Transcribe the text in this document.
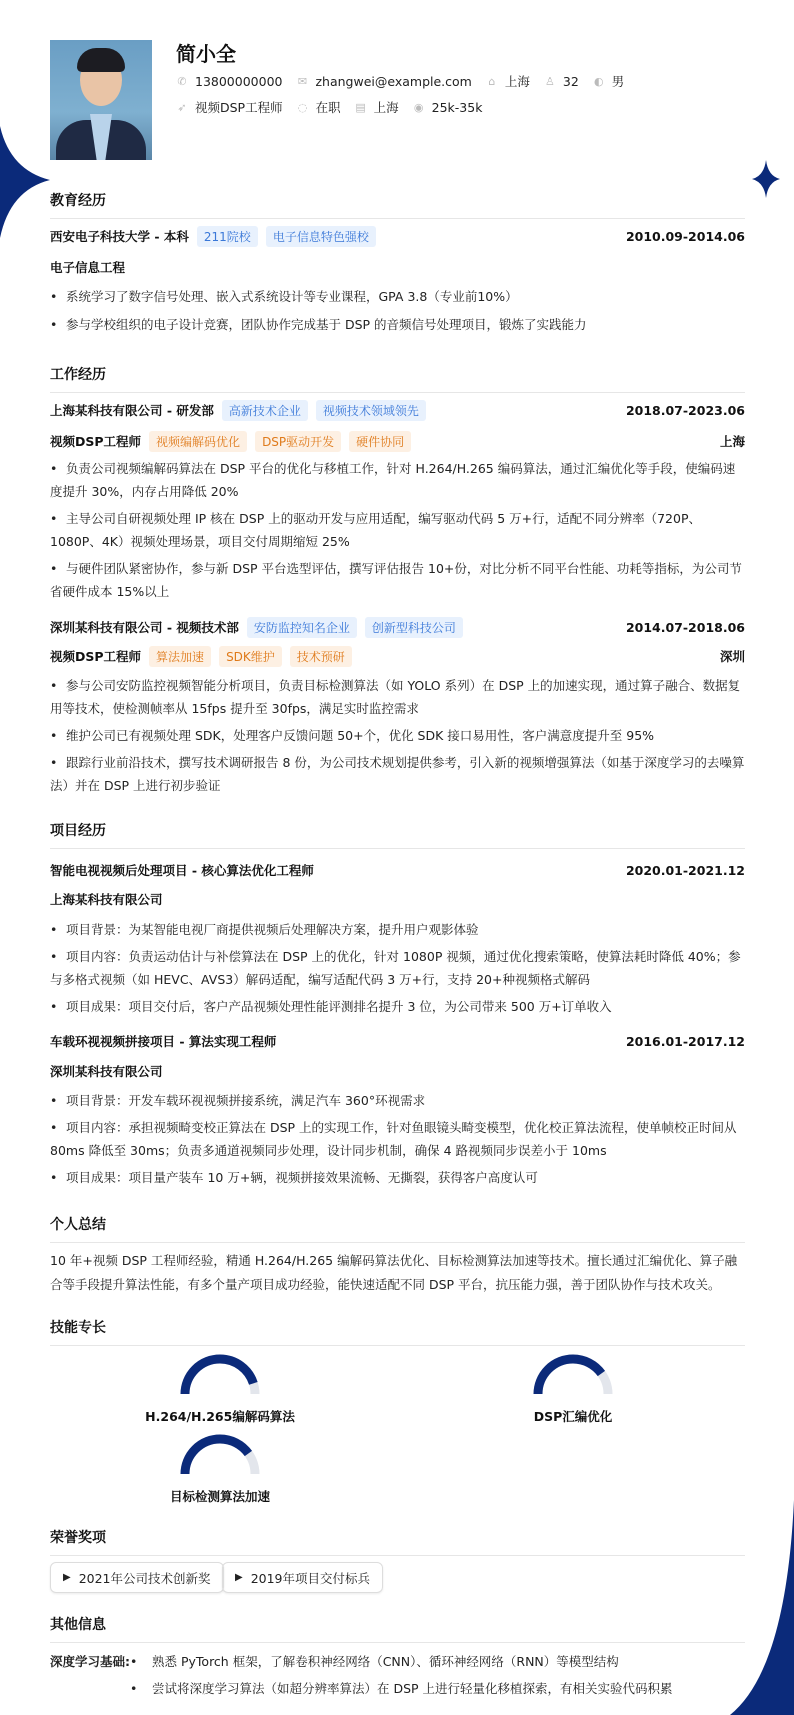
简小全
✆ 13800000000 ✉ zhangwei@example.com ⌂ 上海 ♙ 32 ◐ 男
➶ 视频DSP工程师 ◌ 在职 ▤ 上海 ◉ 25k-35k
教育经历
西安电子科技大学 - 本科	211院校	电子信息特色强校	2010.09-2014.06
电子信息工程
• 系统学习了数字信号处理、嵌入式系统设计等专业课程，GPA 3.8（专业前10%）
• 参与学校组织的电子设计竞赛，团队协作完成基于 DSP 的音频信号处理项目，锻炼了实践能力
工作经历
上海某科技有限公司 - 研发部	高新技术企业	视频技术领域领先	2018.07-2023.06
视频DSP工程师	视频编解码优化	DSP驱动开发	硬件协同	上海
• 负责公司视频编解码算法在 DSP 平台的优化与移植工作，针对 H.264/H.265 编码算法，通过汇编优化等手段，使编码速度提升 30%，内存占用降低 20%
• 主导公司自研视频处理 IP 核在 DSP 上的驱动开发与应用适配，编写驱动代码 5 万+行，适配不同分辨率（720P、1080P、4K）视频处理场景，项目交付周期缩短 25%
• 与硬件团队紧密协作，参与新 DSP 平台选型评估，撰写评估报告 10+份，对比分析不同平台性能、功耗等指标，为公司节省硬件成本 15%以上
深圳某科技有限公司 - 视频技术部	安防监控知名企业	创新型科技公司	2014.07-2018.06
视频DSP工程师	算法加速	SDK维护	技术预研	深圳
• 参与公司安防监控视频智能分析项目，负责目标检测算法（如 YOLO 系列）在 DSP 上的加速实现，通过算子融合、数据复用等技术，使检测帧率从 15fps 提升至 30fps，满足实时监控需求
• 维护公司已有视频处理 SDK，处理客户反馈问题 50+个，优化 SDK 接口易用性，客户满意度提升至 95%
• 跟踪行业前沿技术，撰写技术调研报告 8 份，为公司技术规划提供参考，引入新的视频增强算法（如基于深度学习的去噪算法）并在 DSP 上进行初步验证
项目经历
智能电视视频后处理项目 - 核心算法优化工程师	2020.01-2021.12
上海某科技有限公司
• 项目背景：为某智能电视厂商提供视频后处理解决方案，提升用户观影体验
• 项目内容：负责运动估计与补偿算法在 DSP 上的优化，针对 1080P 视频，通过优化搜索策略，使算法耗时降低 40%；参与多格式视频（如 HEVC、AVS3）解码适配，编写适配代码 3 万+行，支持 20+种视频格式解码
• 项目成果：项目交付后，客户产品视频处理性能评测排名提升 3 位，为公司带来 500 万+订单收入
车载环视视频拼接项目 - 算法实现工程师	2016.01-2017.12
深圳某科技有限公司
• 项目背景：开发车载环视视频拼接系统，满足汽车 360°环视需求
• 项目内容：承担视频畸变校正算法在 DSP 上的实现工作，针对鱼眼镜头畸变模型，优化校正算法流程，使单帧校正时间从 80ms 降低至 30ms；负责多通道视频同步处理，设计同步机制，确保 4 路视频同步误差小于 10ms
• 项目成果：项目量产装车 10 万+辆，视频拼接效果流畅、无撕裂，获得客户高度认可
个人总结
10 年+视频 DSP 工程师经验，精通 H.264/H.265 编解码算法优化、目标检测算法加速等技术。擅长通过汇编优化、算子融合等手段提升算法性能，有多个量产项目成功经验，能快速适配不同 DSP 平台，抗压能力强，善于团队协作与技术攻关。
技能专长
H.264/H.265编解码算法	DSP汇编优化
目标检测算法加速
荣誉奖项
▶ 2021年公司技术创新奖 ▶ 2019年项目交付标兵
其他信息
深度学习基础: •	熟悉 PyTorch 框架，了解卷积神经网络（CNN）、循环神经网络（RNN）等模型结构
•	尝试将深度学习算法（如超分辨率算法）在 DSP 上进行轻量化移植探索，有相关实验代码积累
